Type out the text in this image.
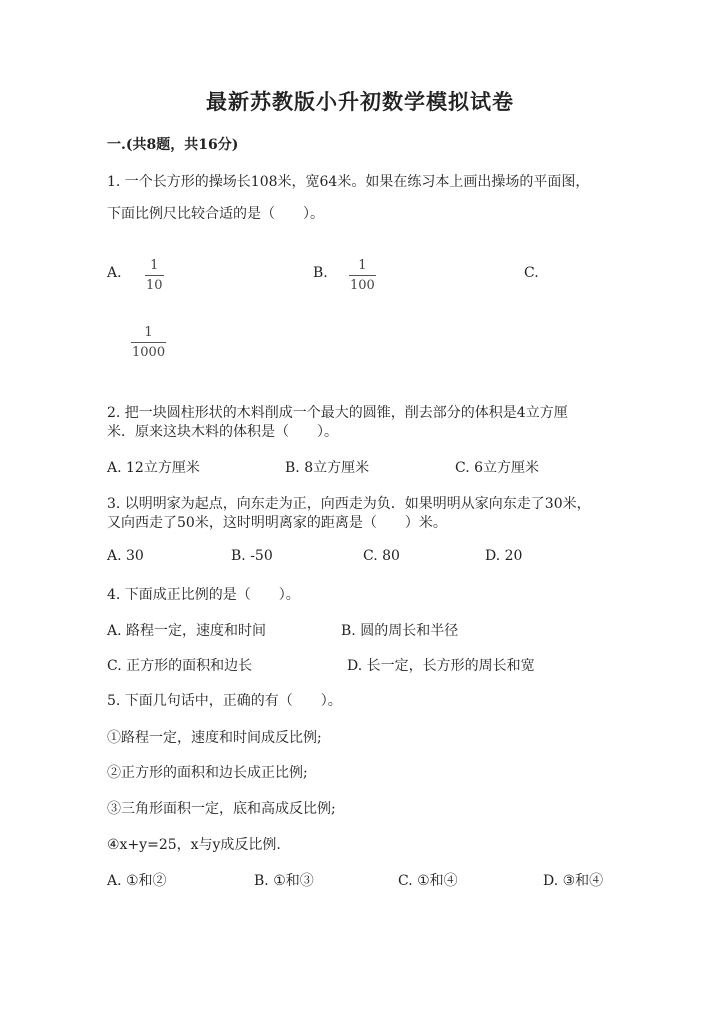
最新苏教版小升初数学模拟试卷
一.(共8题，共16分)
1. 一个长方形的操场长108米，宽64米。如果在练习本上画出操场的平面图，
下面比例尺比较合适的是（　　）。
A. 1
10
B. 1
100
C.
1
1000
2. 把一块圆柱形状的木料削成一个最大的圆锥，削去部分的体积是4立方厘
米．原来这块木料的体积是（　　）。
A. 12立方厘米	B. 8立方厘米	C. 6立方厘米
3. 以明明家为起点，向东走为正，向西走为负．如果明明从家向东走了30米，
又向西走了50米，这时明明离家的距离是（　　）米。
A. 30	B. -50	C. 80	D. 20
4. 下面成正比例的是（　　）。
A. 路程一定，速度和时间	B. 圆的周长和半径
C. 正方形的面积和边长	D. 长一定，长方形的周长和宽
5. 下面几句话中，正确的有（　　）。
①路程一定，速度和时间成反比例;
②正方形的面积和边长成正比例;
③三角形面积一定，底和高成反比例;
④x+y=25，x与y成反比例.
A. ①和②	B. ①和③	C. ①和④	D. ③和④
